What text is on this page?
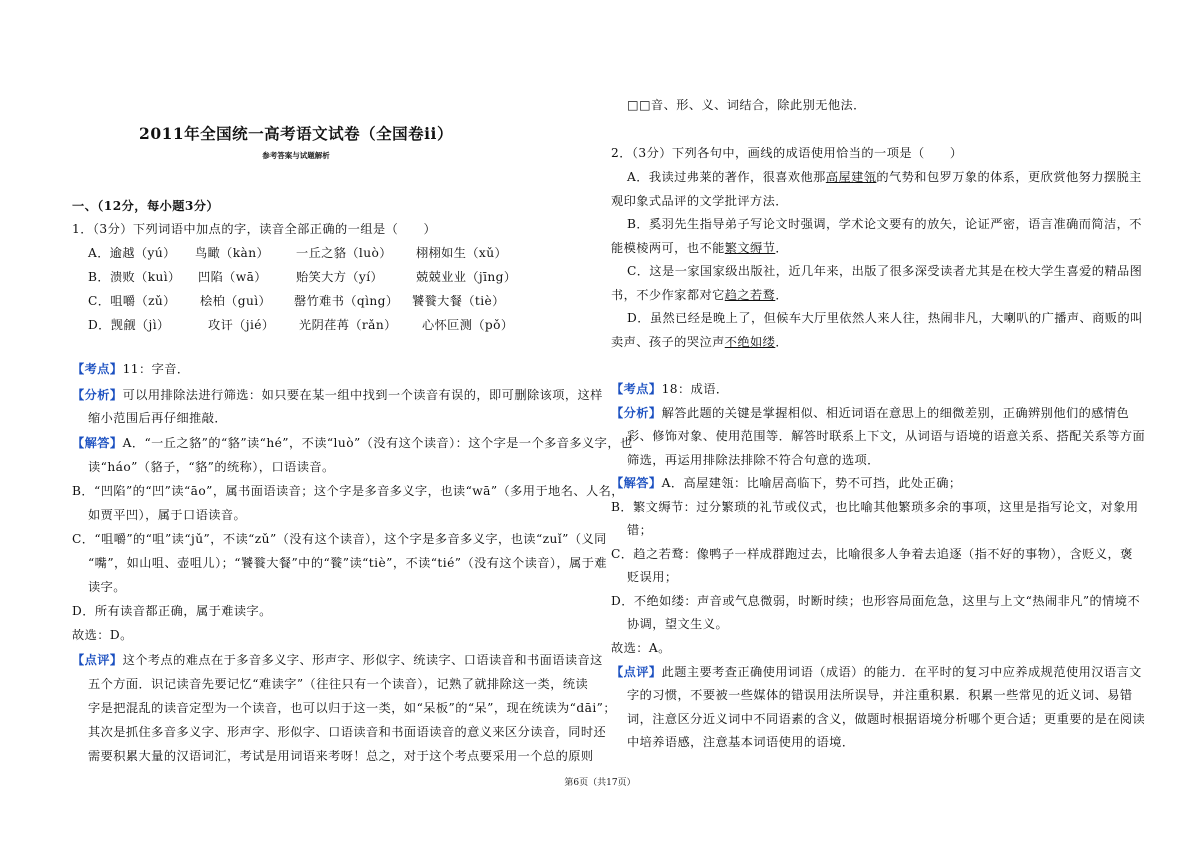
2011年全国统一高考语文试卷（全国卷ii）
参考答案与试题解析
一、（12分，每小题3分）
1．（3分）下列词语中加点的字，读音全部正确的一组是（　　）
A．逾越（yú） 鸟瞰（kàn） 一丘之貉（luò） 栩栩如生（xǔ）
B．溃败（kuì） 凹陷（wā） 贻笑大方（yí）	兢兢业业（jīng）
C．咀嚼（zǔ） 桧柏（guì） 罄竹难书（qìng） 饕餮大餐（tiè）
D．觊觎（jì）	攻讦（jié） 光阴荏苒（rǎn） 心怀叵测（pǒ）
【考点】11：字音．
【分析】可以用排除法进行筛选：如只要在某一组中找到一个读音有误的，即可删除该项，这样
缩小范围后再仔细推敲．
【解答】A．“一丘之貉”的“貉”读“hé”，不读“luò”（没有这个读音）：这个字是一个多音多义字，也
读“háo”（貉子，“貉”的统称），口语读音。
B．“凹陷”的“凹”读“āo”，属书面语读音；这个字是多音多义字，也读“wā”（多用于地名、人名，
如贾平凹），属于口语读音。
C．“咀嚼”的“咀”读“jǔ”，不读“zǔ”（没有这个读音），这个字是多音多义字，也读“zuǐ”（义同
“嘴”，如山咀、壶咀儿）；“饕餮大餐”中的“餮”读“tiè”，不读“tié”（没有这个读音），属于难
读字。
D．所有读音都正确，属于难读字。
故选：D。
【点评】这个考点的难点在于多音多义字、形声字、形似字、统读字、口语读音和书面语读音这
五个方面．识记读音先要记忆“难读字”（往往只有一个读音），记熟了就排除这一类，统读
字是把混乱的读音定型为一个读音，也可以归于这一类，如“呆板”的“呆”，现在统读为“dāi”；
其次是抓住多音多义字、形声字、形似字、口语读音和书面语读音的意义来区分读音，同时还
需要积累大量的汉语词汇，考试是用词语来考呀！总之，对于这个考点要采用一个总的原则
□□音、形、义、词结合，除此别无他法．
2．（3分）下列各句中，画线的成语使用恰当的一项是（　　）
A．我读过弗莱的著作，很喜欢他那高屋建瓴的气势和包罗万象的体系，更欣赏他努力摆脱主
观印象式品评的文学批评方法．
B．奚羽先生指导弟子写论文时强调，学术论文要有的放矢，论证严密，语言准确而简洁，不
能模棱两可，也不能繁文缛节．
C．这是一家国家级出版社，近几年来，出版了很多深受读者尤其是在校大学生喜爱的精品图
书，不少作家都对它趋之若鹜．
D．虽然已经是晚上了，但候车大厅里依然人来人往，热闹非凡，大喇叭的广播声、商贩的叫
卖声、孩子的哭泣声不绝如缕．
【考点】18：成语．
【分析】解答此题的关键是掌握相似、相近词语在意思上的细微差别，正确辨别他们的感情色
彩、修饰对象、使用范围等．解答时联系上下文，从词语与语境的语意关系、搭配关系等方面
筛选，再运用排除法排除不符合句意的选项．
【解答】A．高屋建瓴：比喻居高临下，势不可挡，此处正确；
B．繁文缛节：过分繁琐的礼节或仪式，也比喻其他繁琐多余的事项，这里是指写论文，对象用
错；
C．趋之若鹜：像鸭子一样成群跑过去，比喻很多人争着去追逐（指不好的事物），含贬义，褒
贬误用；
D．不绝如缕：声音或气息微弱，时断时续；也形容局面危急，这里与上文“热闹非凡”的情境不
协调，望文生义。
故选：A。
【点评】此题主要考查正确使用词语（成语）的能力．在平时的复习中应养成规范使用汉语言文
字的习惯，不要被一些媒体的错误用法所误导，并注重积累．积累一些常见的近义词、易错
词，注意区分近义词中不同语素的含义，做题时根据语境分析哪个更合适；更重要的是在阅读
中培养语感，注意基本词语使用的语境．
第6页（共17页）
